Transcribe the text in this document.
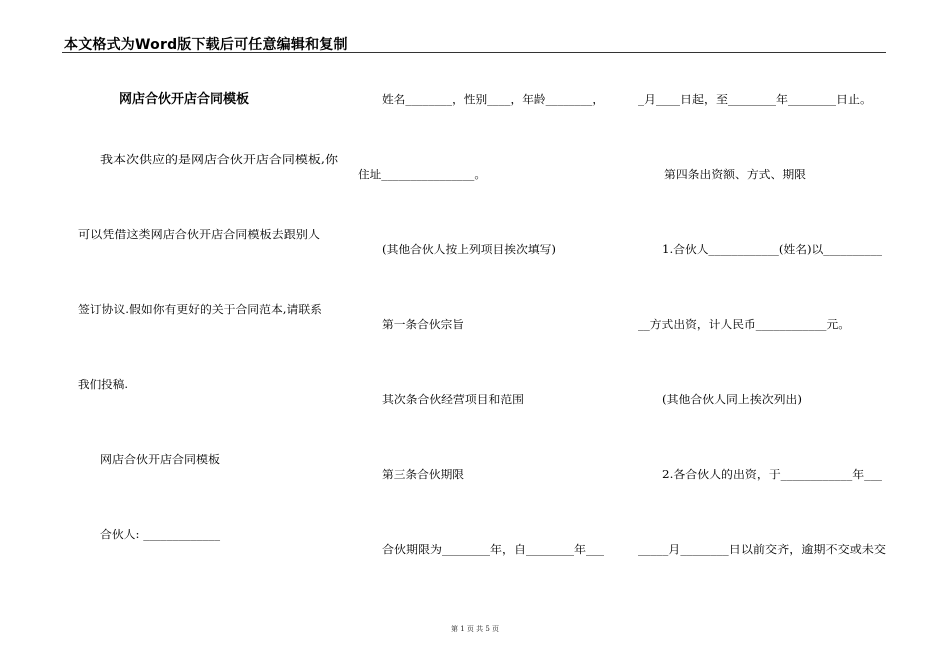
本文格式为Word版下载后可任意编辑和复制
网店合伙开店合同模板
我本次供应的是网店合伙开店合同模板,你
可以凭借这类网店合伙开店合同模板去跟别人
签订协议.假如你有更好的关于合同范本,请联系
我们投稿.
网店合伙开店合同模板
合伙人: _____________
姓名________，性别____，年龄________，
住址________________。
(其他合伙人按上列项目挨次填写)
第一条合伙宗旨
其次条合伙经营项目和范围
第三条合伙期限
合伙期限为________年，自________年___
_月____日起，至________年________日止。
第四条出资额、方式、期限
1.合伙人____________(姓名)以__________
__方式出资，计人民币____________元。
(其他合伙人同上挨次列出)
2.各合伙人的出资，于____________年___
_____月________日以前交齐，逾期不交或未交
第 1 页 共 5 页
